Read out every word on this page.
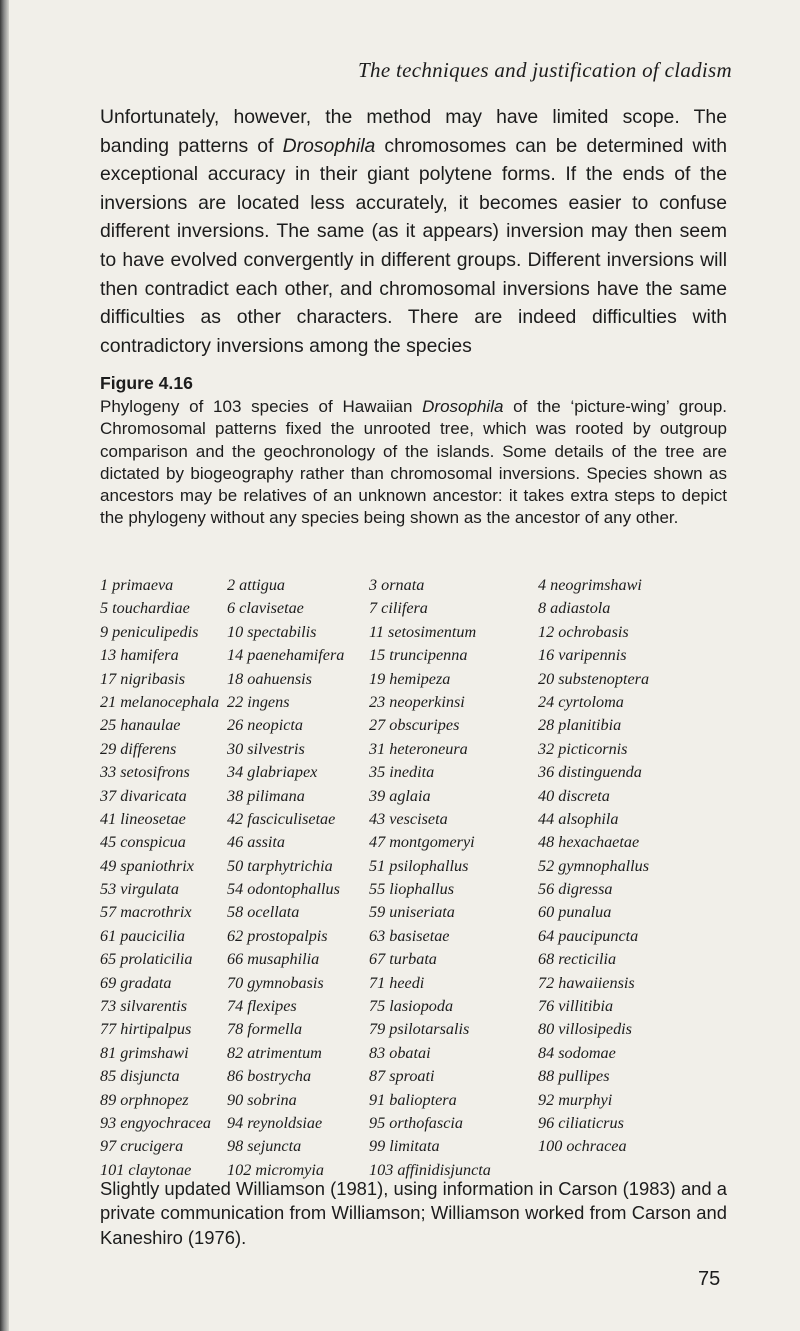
The techniques and justification of cladism

Unfortunately, however, the method may have limited scope. The banding patterns of Drosophila chromosomes can be determined with exceptional accuracy in their giant polytene forms. If the ends of the inversions are located less accurately, it becomes easier to confuse different inversions. The same (as it appears) inversion may then seem to have evolved convergently in different groups. Different inversions will then contradict each other, and chromosomal inversions have the same difficulties as other characters. There are indeed difficulties with contradictory inversions among the species

Figure 4.16

Phylogeny of 103 species of Hawaiian Drosophila of the ‘picture-wing’ group. Chromosomal patterns fixed the unrooted tree, which was rooted by outgroup comparison and the geochronology of the islands. Some details of the tree are dictated by biogeography rather than chromosomal inversions. Species shown as ancestors may be relatives of an unknown ancestor: it takes extra steps to depict the phylogeny without any species being shown as the ancestor of any other.

1 primaeva	2 attigua	3 ornata	4 neogrimshawi
5 touchardiae 6 clavisetae	7 cilifera	8 adiastola
9 peniculipedis 10 spectabilis	11 setosimentum	12 ochrobasis
13 hamifera	14 paenehamifera 15 truncipenna	16 varipennis
17 nigribasis	18 oahuensis	19 hemipeza	20 substenoptera
21 melanocephala 22 ingens	23 neoperkinsi	24 cyrtoloma
25 hanaulae	26 neopicta	27 obscuripes	28 planitibia
29 differens	30 silvestris	31 heteroneura	32 picticornis
33 setosifrons 34 glabriapex	35 inedita	36 distinguenda
37 divaricata 38 pilimana	39 aglaia	40 discreta
41 lineosetae	42 fasciculisetae 43 vesciseta	44 alsophila
45 conspicua	46 assita	47 montgomeryi	48 hexachaetae
49 spaniothrix 50 tarphytrichia 51 psilophallus	52 gymnophallus
53 virgulata	54 odontophallus 55 liophallus	56 digressa
57 macrothrix 58 ocellata	59 uniseriata	60 punalua
61 paucicilia	62 prostopalpis	63 basisetae	64 paucipuncta
65 prolaticilia 66 musaphilia	67 turbata	68 recticilia
69 gradata	70 gymnobasis	71 heedi	72 hawaiiensis
73 silvarentis 74 flexipes	75 lasiopoda	76 villitibia
77 hirtipalpus 78 formella	79 psilotarsalis	80 villosipedis
81 grimshawi 82 atrimentum	83 obatai	84 sodomae
85 disjuncta	86 bostrycha	87 sproati	88 pullipes
89 orphnopez 90 sobrina	91 balioptera	92 murphyi
93 engyochracea 94 reynoldsiae	95 orthofascia	96 ciliaticrus
97 crucigera	98 sejuncta	99 limitata	100 ochracea
101 claytonae 102 micromyia	103 affinidisjuncta

Slightly updated Williamson (1981), using information in Carson (1983) and a private communication from Williamson; Williamson worked from Carson and Kaneshiro (1976).

75
